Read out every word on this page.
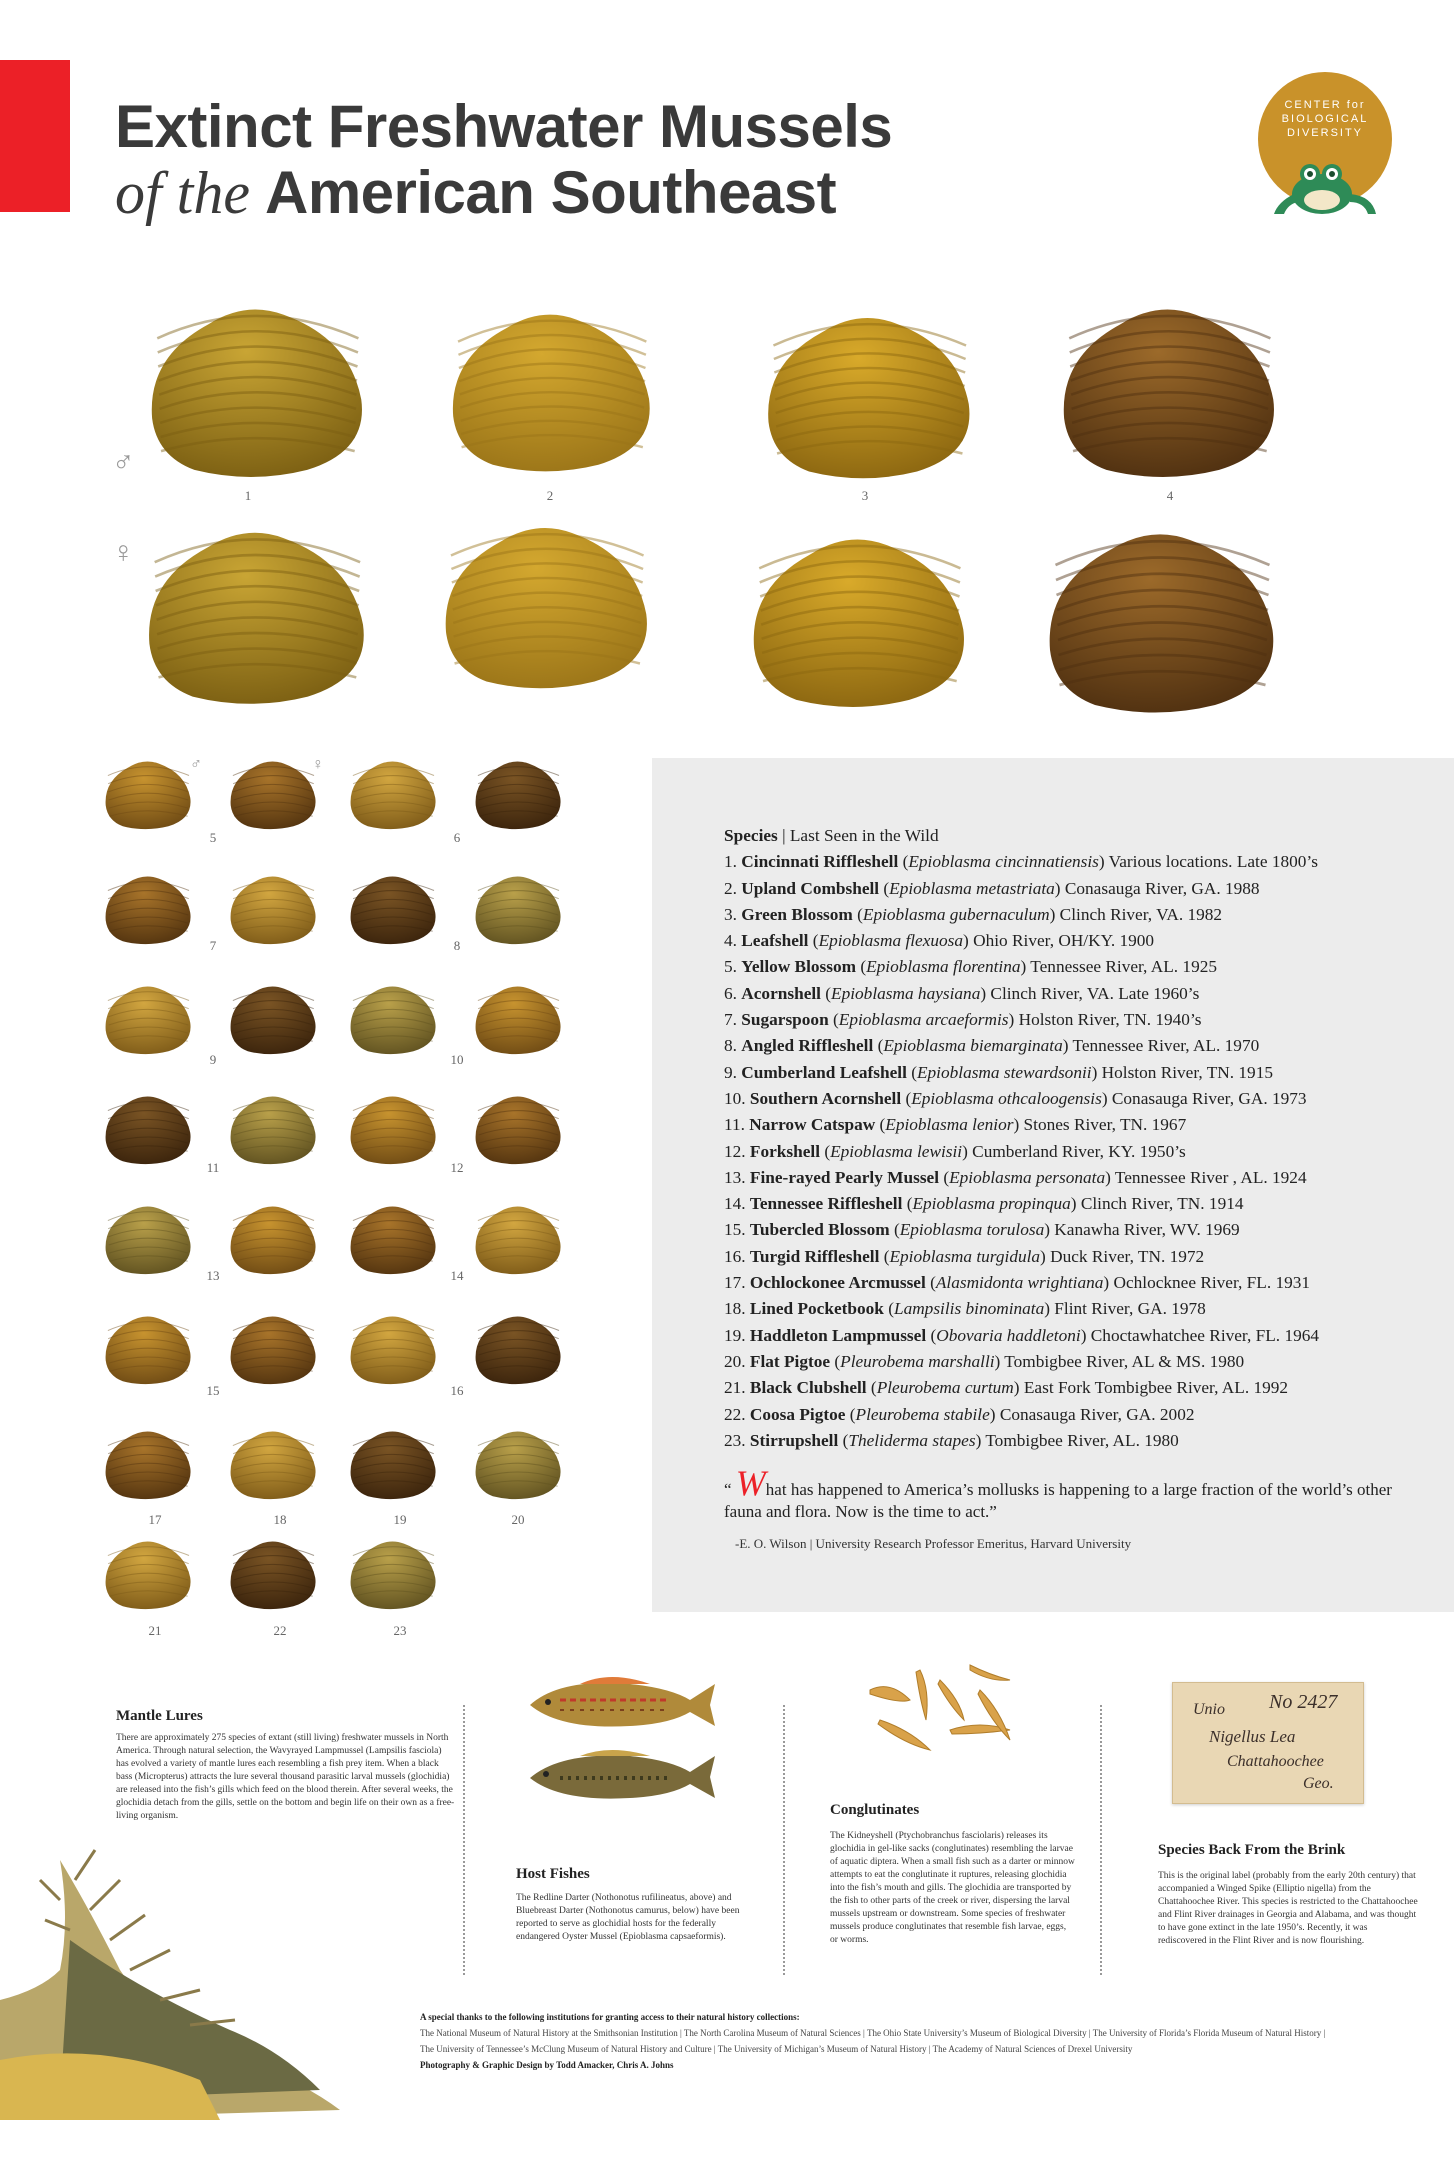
Extinct Freshwater Mussels
of the American Southeast
CENTER for
BIOLOGICAL
DIVERSITY
♂
♀
1	2	3	4
♂	♀
5	6
7	8
9	10
11	12
13	14
15	16
17	18	19	20
21	22	23
Species | Last Seen in the Wild
1. Cincinnati Riffleshell (Epioblasma cincinnatiensis) Various locations. Late 1800’s
2. Upland Combshell (Epioblasma metastriata) Conasauga River, GA. 1988
3. Green Blossom (Epioblasma gubernaculum) Clinch River, VA. 1982
4. Leafshell (Epioblasma flexuosa) Ohio River, OH/KY. 1900
5. Yellow Blossom (Epioblasma florentina) Tennessee River, AL. 1925
6. Acornshell (Epioblasma haysiana) Clinch River, VA. Late 1960’s
7. Sugarspoon (Epioblasma arcaeformis) Holston River, TN. 1940’s
8. Angled Riffleshell (Epioblasma biemarginata) Tennessee River, AL. 1970
9. Cumberland Leafshell (Epioblasma stewardsonii) Holston River, TN. 1915
10. Southern Acornshell (Epioblasma othcaloogensis) Conasauga River, GA. 1973
11. Narrow Catspaw (Epioblasma lenior) Stones River, TN. 1967
12. Forkshell (Epioblasma lewisii) Cumberland River, KY. 1950’s
13. Fine-rayed Pearly Mussel (Epioblasma personata) Tennessee River , AL. 1924
14. Tennessee Riffleshell (Epioblasma propinqua) Clinch River, TN. 1914
15. Tubercled Blossom (Epioblasma torulosa) Kanawha River, WV. 1969
16. Turgid Riffleshell (Epioblasma turgidula) Duck River, TN. 1972
17. Ochlockonee Arcmussel (Alasmidonta wrightiana) Ochlocknee River, FL. 1931
18. Lined Pocketbook (Lampsilis binominata) Flint River, GA. 1978
19. Haddleton Lampmussel (Obovaria haddletoni) Choctawhatchee River, FL. 1964
20. Flat Pigtoe (Pleurobema marshalli) Tombigbee River, AL & MS. 1980
21. Black Clubshell (Pleurobema curtum) East Fork Tombigbee River, AL. 1992
22. Coosa Pigtoe (Pleurobema stabile) Conasauga River, GA. 2002
23. Stirrupshell (Theliderma stapes) Tombigbee River, AL. 1980
“ What has happened to America’s mollusks is happening to a large fraction of the world’s other fauna and flora. Now is the time to act.”
-E. O. Wilson | University Research Professor Emeritus, Harvard University
Mantle Lures
There are approximately 275 species of extant (still living) freshwater mussels in North America. Through natural selection, the Wavyrayed Lampmussel (Lampsilis fasciola) has evolved a variety of mantle lures each resembling a fish prey item. When a black bass (Micropterus) attracts the lure several thousand parasitic larval mussels (glochidia) are released into the fish’s gills which feed on the blood therein. After several weeks, the glochidia detach from the gills, settle on the bottom and begin life on their own as a free-living organism.
Host Fishes
The Redline Darter (Nothonotus rufilineatus, above) and Bluebreast Darter (Nothonotus camurus, below) have been reported to serve as glochidial hosts for the federally endangered Oyster Mussel (Epioblasma capsaeformis).
Conglutinates
The Kidneyshell (Ptychobranchus fasciolaris) releases its glochidia in gel-like sacks (conglutinates) resembling the larvae of aquatic diptera. When a small fish such as a darter or minnow attempts to eat the conglutinate it ruptures, releasing glochidia into the fish’s mouth and gills. The glochidia are transported by the fish to other parts of the creek or river, dispersing the larval mussels upstream or downstream. Some species of freshwater mussels produce conglutinates that resemble fish larvae, eggs, or worms.
Unio No 2427
Nigellus Lea
Chattahoochee
Geo.
Species Back From the Brink
This is the original label (probably from the early 20th century) that accompanied a Winged Spike (Elliptio nigella) from the Chattahoochee River. This species is restricted to the Chattahoochee and Flint River drainages in Georgia and Alabama, and was thought to have gone extinct in the late 1950’s. Recently, it was rediscovered in the Flint River and is now flourishing.
A special thanks to the following institutions for granting access to their natural history collections:
The National Museum of Natural History at the Smithsonian Institution | The North Carolina Museum of Natural Sciences | The Ohio State University’s Museum of Biological Diversity | The University of Florida’s Florida Museum of Natural History |
The University of Tennessee’s McClung Museum of Natural History and Culture | The University of Michigan’s Museum of Natural History | The Academy of Natural Sciences of Drexel University
Photography & Graphic Design by Todd Amacker, Chris A. Johns
